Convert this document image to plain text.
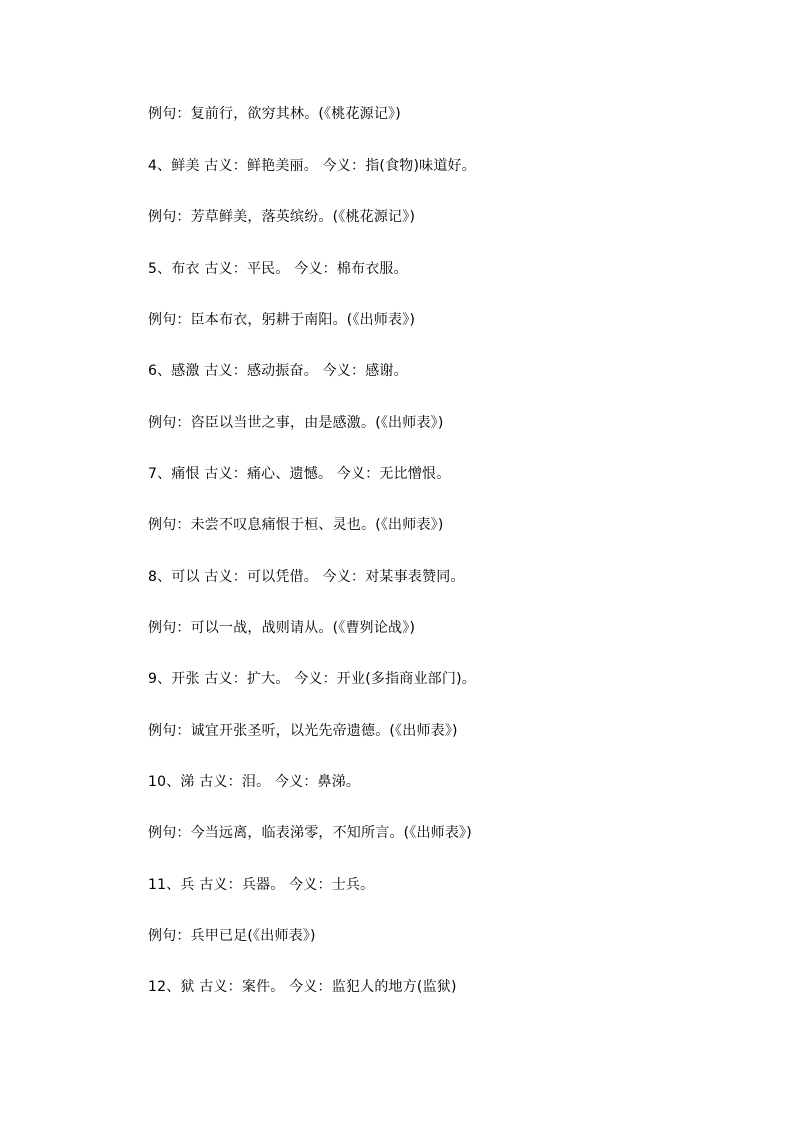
例句：复前行，欲穷其林。(《桃花源记》)
4、鲜美 古义：鲜艳美丽。 今义：指(食物)味道好。
例句：芳草鲜美，落英缤纷。(《桃花源记》)
5、布衣 古义：平民。 今义：棉布衣服。
例句：臣本布衣，躬耕于南阳。(《出师表》)
6、感激 古义：感动振奋。 今义：感谢。
例句：咨臣以当世之事，由是感激。(《出师表》)
7、痛恨 古义：痛心、遗憾。 今义：无比憎恨。
例句：未尝不叹息痛恨于桓、灵也。(《出师表》)
8、可以 古义：可以凭借。 今义：对某事表赞同。
例句：可以一战，战则请从。(《曹刿论战》)
9、开张 古义：扩大。 今义：开业(多指商业部门)。
例句：诚宜开张圣听，以光先帝遗德。(《出师表》)
10、涕 古义：泪。 今义：鼻涕。
例句：今当远离，临表涕零，不知所言。(《出师表》)
11、兵 古义：兵器。 今义：士兵。
例句：兵甲已足(《出师表》)
12、狱 古义：案件。 今义：监犯人的地方(监狱)
